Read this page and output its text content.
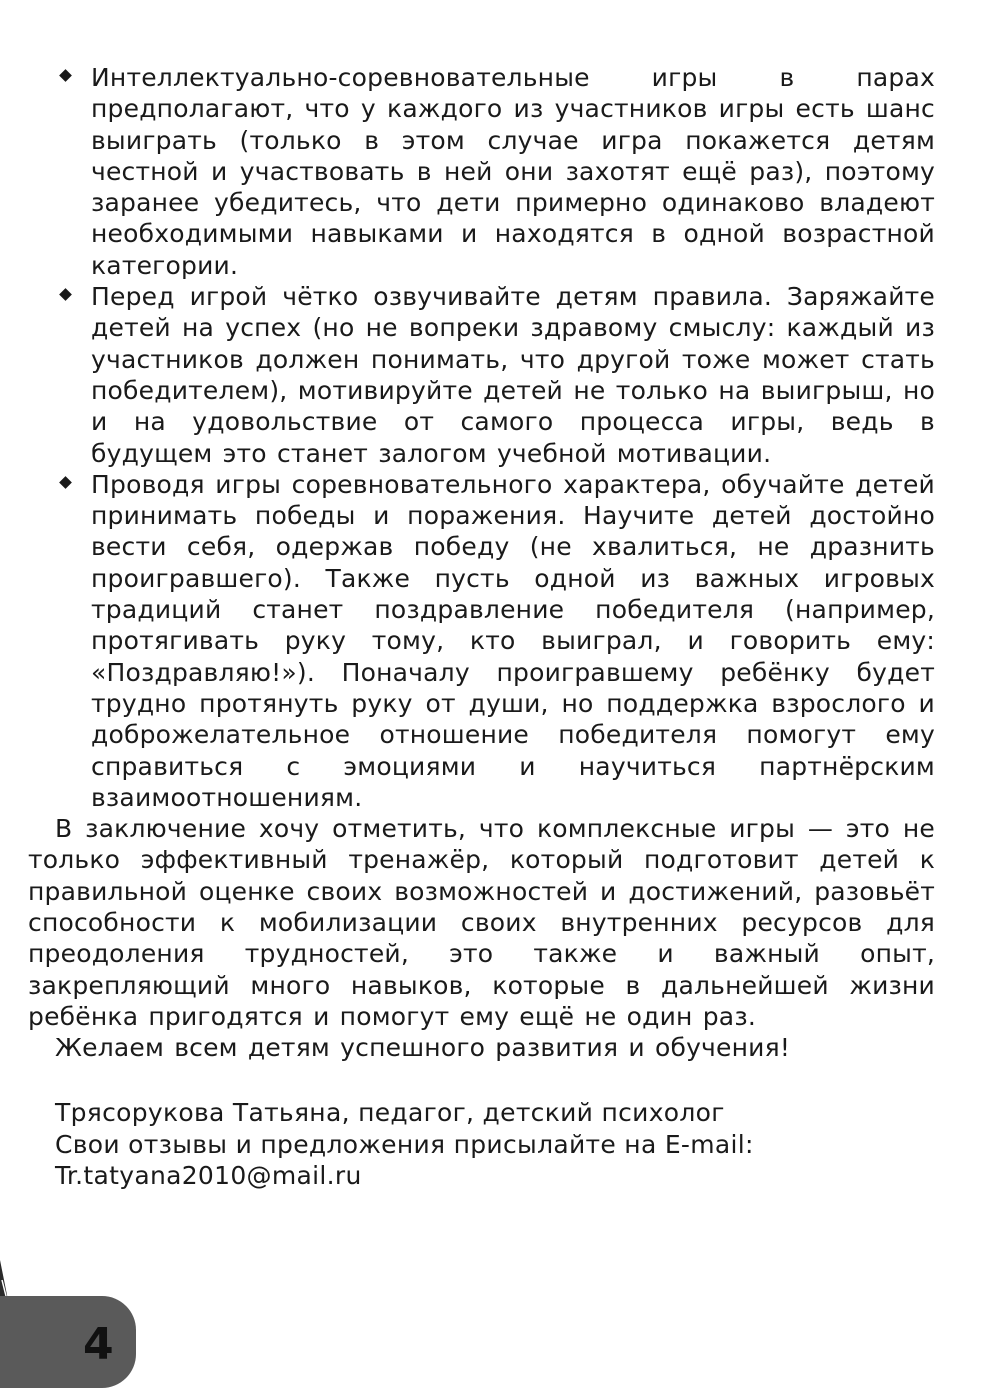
Интеллектуально-соревновательные игры в парах предполагают, что у каждого из участников игры есть шанс выиграть (только в этом случае игра покажется детям честной и участвовать в ней они захотят ещё раз), поэтому заранее убедитесь, что дети примерно одинаково владеют необходимыми навыками и находятся в одной возрастной категории.
Перед игрой чётко озвучивайте детям правила. Заряжайте детей на успех (но не вопреки здравому смыслу: каждый из участников должен понимать, что другой тоже может стать победителем), мотивируйте детей не только на выигрыш, но и на удовольствие от самого процесса игры, ведь в будущем это станет залогом учебной мотивации.
Проводя игры соревновательного характера, обучайте детей принимать победы и поражения. Научите детей достойно вести себя, одержав победу (не хвалиться, не дразнить проигравшего). Также пусть одной из важных игровых традиций станет поздравление победителя (например, протягивать руку тому, кто выиграл, и говорить ему: «Поздравляю!»). Поначалу проигравшему ребёнку будет трудно протянуть руку от души, но поддержка взрослого и доброжелательное отношение победителя помогут ему справиться с эмоциями и научиться партнёрским взаимоотношениям.

В заключение хочу отметить, что комплексные игры — это не только эффективный тренажёр, который подготовит детей к правильной оценке своих возможностей и достижений, разовьёт способности к мобилизации своих внутренних ресурсов для преодоления трудностей, это также и важный опыт, закрепляющий много навыков, которые в дальнейшей жизни ребёнка пригодятся и помогут ему ещё не один раз.

Желаем всем детям успешного развития и обучения!

Трясорукова Татьяна, педагог, детский психолог
Свои отзывы и предложения присылайте на E-mail:
Tr.tatyana2010@mail.ru
4
